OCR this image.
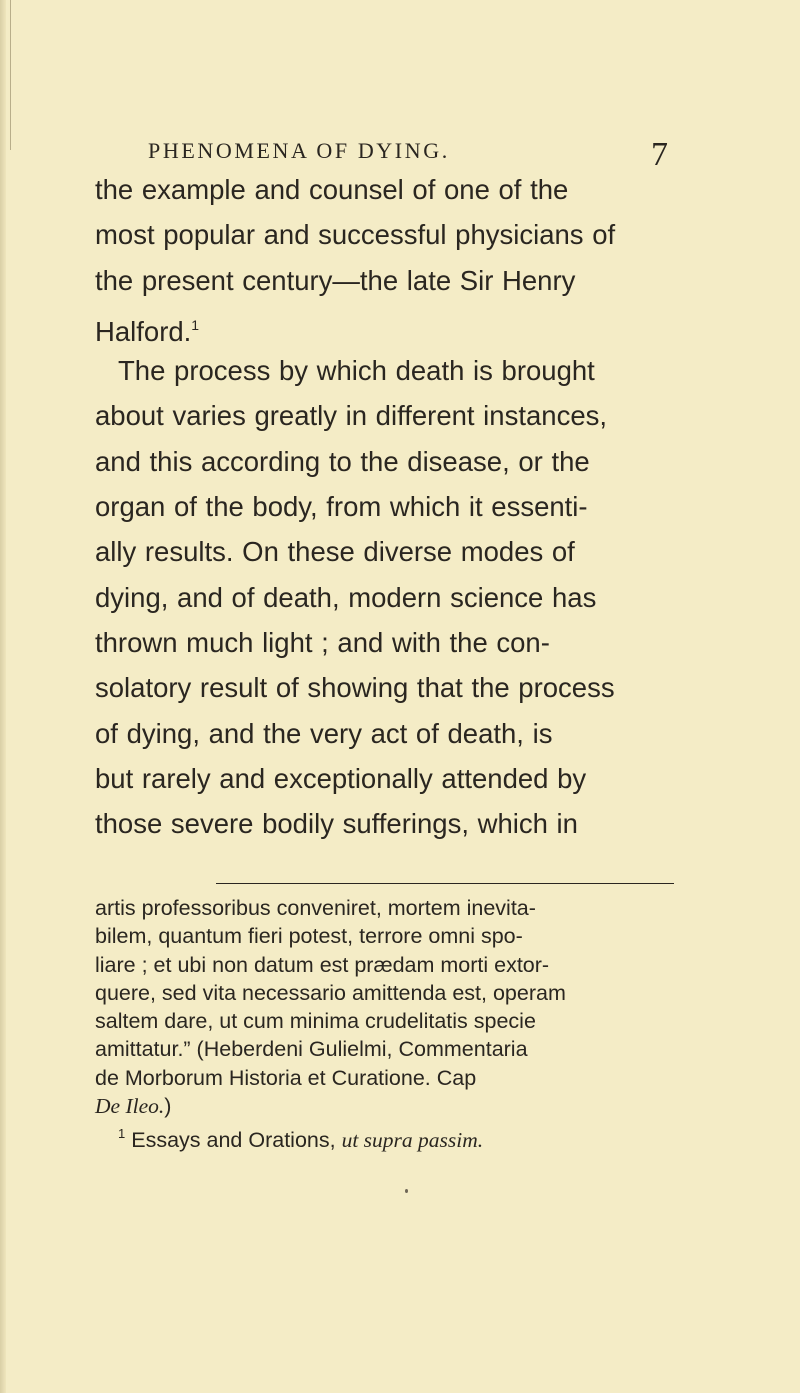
PHENOMENA OF DYING.	7
the example and counsel of one of the
most popular and successful physicians of
the present century—the late Sir Henry
Halford.$^1$
The process by which death is brought
about varies greatly in different instances,
and this according to the disease, or the
organ of the body, from which it essenti-
ally results. On these diverse modes of
dying, and of death, modern science has
thrown much light ; and with the con-
solatory result of showing that the process
of dying, and the very act of death, is
but rarely and exceptionally attended by
those severe bodily sufferings, which in
artis professoribus conveniret, mortem inevita-
bilem, quantum fieri potest, terrore omni spo-
liare ; et ubi non datum est prædam morti extor-
quere, sed vita necessario amittenda est, operam
saltem dare, ut cum minima crudelitatis specie
amittatur.” (Heberdeni Gulielmi, Commentaria
de Morborum Historia et Curatione. Cap
De Ileo.)
$^1$ Essays and Orations, ut supra passim.
